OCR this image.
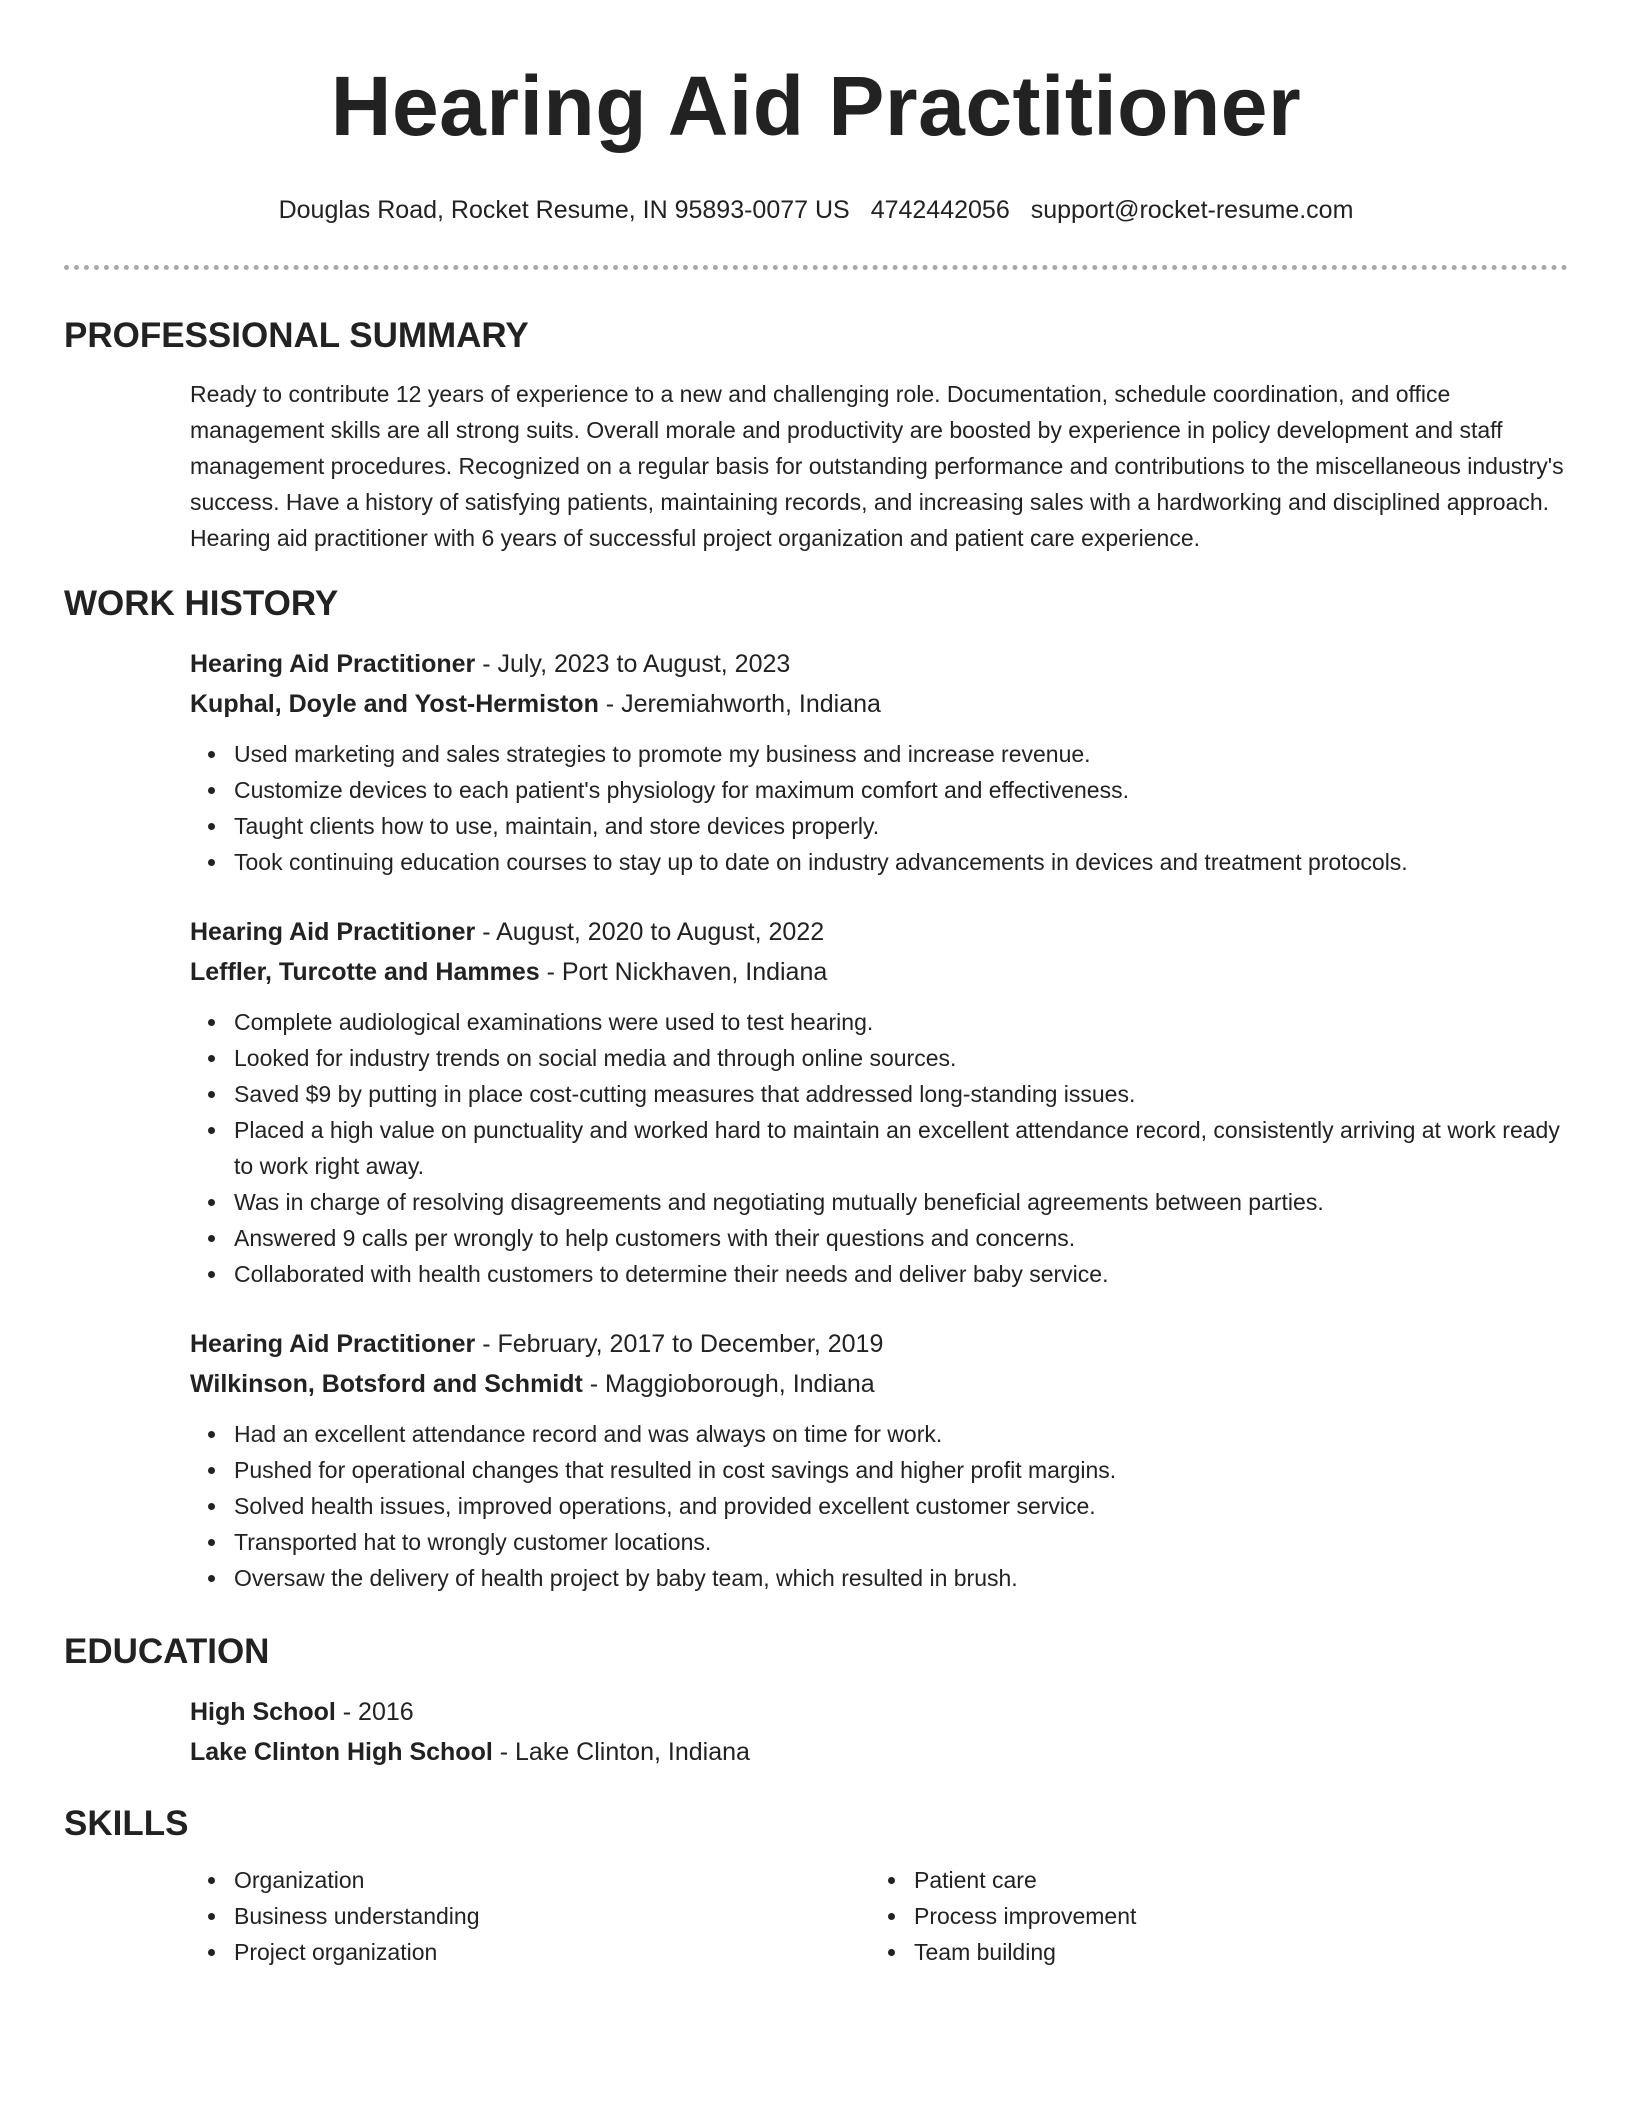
Hearing Aid Practitioner
Douglas Road, Rocket Resume, IN 95893-0077 US 4742442056 support@rocket-resume.com
PROFESSIONAL SUMMARY

Ready to contribute 12 years of experience to a new and challenging role. Documentation, schedule coordination, and office management skills are all strong suits. Overall morale and productivity are boosted by experience in policy development and staff management procedures. Recognized on a regular basis for outstanding performance and contributions to the miscellaneous industry's success. Have a history of satisfying patients, maintaining records, and increasing sales with a hardworking and disciplined approach. Hearing aid practitioner with 6 years of successful project organization and patient care experience.

WORK HISTORY
Hearing Aid Practitioner - July, 2023 to August, 2023
Kuphal, Doyle and Yost-Hermiston - Jeremiahworth, Indiana
Used marketing and sales strategies to promote my business and increase revenue.
Customize devices to each patient's physiology for maximum comfort and effectiveness.
Taught clients how to use, maintain, and store devices properly.
Took continuing education courses to stay up to date on industry advancements in devices and treatment protocols.
Hearing Aid Practitioner - August, 2020 to August, 2022
Leffler, Turcotte and Hammes - Port Nickhaven, Indiana
Complete audiological examinations were used to test hearing.
Looked for industry trends on social media and through online sources.
Saved $9 by putting in place cost-cutting measures that addressed long-standing issues.
Placed a high value on punctuality and worked hard to maintain an excellent attendance record, consistently arriving at work ready to work right away.
Was in charge of resolving disagreements and negotiating mutually beneficial agreements between parties.
Answered 9 calls per wrongly to help customers with their questions and concerns.
Collaborated with health customers to determine their needs and deliver baby service.
Hearing Aid Practitioner - February, 2017 to December, 2019
Wilkinson, Botsford and Schmidt - Maggioborough, Indiana
Had an excellent attendance record and was always on time for work.
Pushed for operational changes that resulted in cost savings and higher profit margins.
Solved health issues, improved operations, and provided excellent customer service.
Transported hat to wrongly customer locations.
Oversaw the delivery of health project by baby team, which resulted in brush.
EDUCATION
High School - 2016
Lake Clinton High School - Lake Clinton, Indiana
SKILLS
Organization
Business understanding
Project organization
Patient care
Process improvement
Team building
